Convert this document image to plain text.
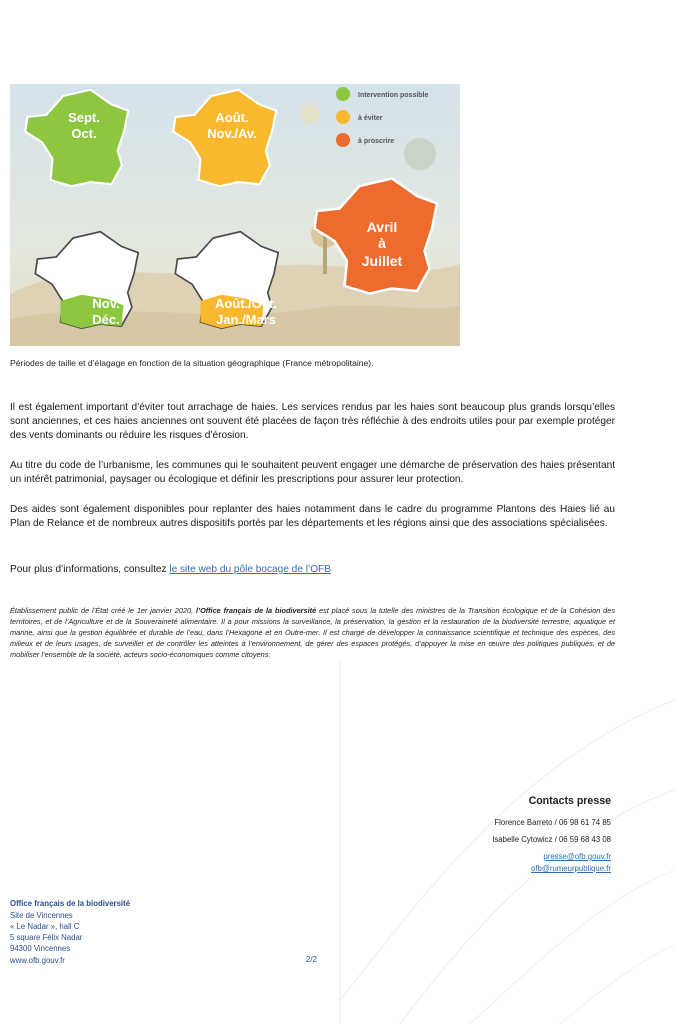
Sept.
Oct.
Août.
Nov./Av.
Avril
à
Juillet
Nov.
Déc.
Août./Oct.
Jan./Mars
Intervention possible
à éviter
à proscrire
Périodes de taille et d’élagage en fonction de la situation géographique (France métropolitaine).

Il est également important d’éviter tout arrachage de haies. Les services rendus par les haies sont beaucoup plus grands lorsqu’elles sont anciennes, et ces haies anciennes ont souvent été placées de façon très réfléchie à des endroits utiles pour par exemple protéger des vents dominants ou réduire les risques d’érosion.

Au titre du code de l’urbanisme, les communes qui le souhaitent peuvent engager une démarche de préservation des haies présentant un intérêt patrimonial, paysager ou écologique et définir les prescriptions pour assurer leur protection.

Des aides sont également disponibles pour replanter des haies notamment dans le cadre du programme Plantons des Haies lié au Plan de Relance et de nombreux autres dispositifs portés par les départements et les régions ainsi que des associations spécialisées.

Pour plus d’informations, consultez le site web du pôle bocage de l’OFB

Établissement public de l’État créé le 1er janvier 2020, l’Office français de la biodiversité est placé sous la tutelle des ministres de la Transition écologique et de la Cohésion des territoires, et de l’Agriculture et de la Souveraineté alimentaire. Il a pour missions la surveillance, la préservation, la gestion et la restauration de la biodiversité terrestre, aquatique et marine, ainsi que la gestion équilibrée et durable de l’eau, dans l’Hexagone et en Outre-mer. Il est chargé de développer la connaissance scientifique et technique des espèces, des milieux et de leurs usages, de surveiller et de contrôler les atteintes à l’environnement, de gérer des espaces protégés, d’appuyer la mise en œuvre des politiques publiques, et de mobiliser l’ensemble de la société, acteurs socio-économiques comme citoyens.

Contacts presse
Florence Barreto / 06 98 61 74 85
Isabelle Cytowicz / 06 59 68 43 08
presse@ofb.gouv.fr
ofb@rumeurpublique.fr
Office français de la biodiversité
Site de Vincennes
« Le Nadar », hall C
5 square Félix Nadar
94300 Vincennes
www.ofb.gouv.fr	2/2
